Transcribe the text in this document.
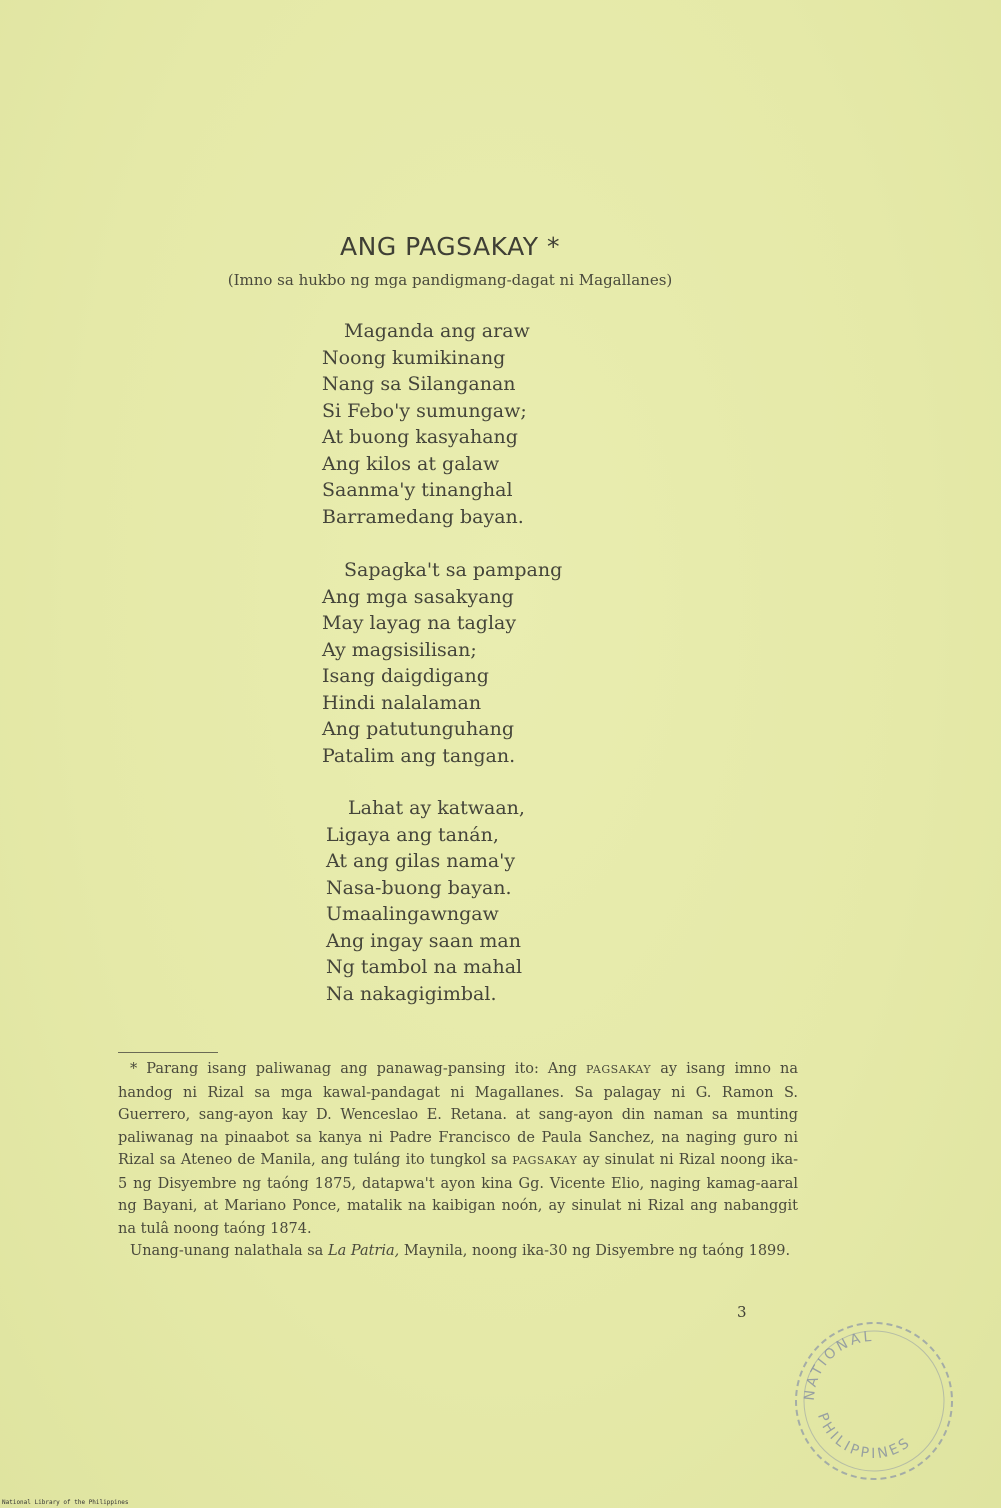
ANG PAGSAKAY *
(Imno sa hukbo ng mga pandigmang-dagat ni Magallanes)
Maganda ang araw
Noong kumikinang
Nang sa Silanganan
Si Febo'y sumungaw;
At buong kasyahang
Ang kilos at galaw
Saanma'y tinanghal
Barramedang bayan.
Sapagka't sa pampang
Ang mga sasakyang
May layag na taglay
Ay magsisilisan;
Isang daigdigang
Hindi nalalaman
Ang patutunguhang
Patalim ang tangan.
Lahat ay katwaan,
Ligaya ang tanán,
At ang gilas nama'y
Nasa-buong bayan.
Umaalingawngaw
Ang ingay saan man
Ng tambol na mahal
Na nakagigimbal.

* Parang isang paliwanag ang panawag-pansing ito: Ang PAGSAKAY ay isang imno na handog ni Rizal sa mga kawal-pandagat ni Magallanes. Sa palagay ni G. Ramon S. Guerrero, sang-ayon kay D. Wenceslao E. Retana. at sang-ayon din naman sa munting paliwanag na pinaabot sa kanya ni Padre Francisco de Paula Sanchez, na naging guro ni Rizal sa Ateneo de Manila, ang tuláng ito tungkol sa PAGSAKAY ay sinulat ni Rizal noong ika-5 ng Disyembre ng taóng 1875, datapwa't ayon kina Gg. Vicente Elio, naging kamag-aaral ng Bayani, at Mariano Ponce, matalik na kaibigan noón, ay sinulat ni Rizal ang nabanggit na tulâ noong taóng 1874.

Unang-unang nalathala sa La Patria, Maynila, noong ika-30 ng Disyembre ng taóng 1899.

3
NATIONAL
PHILIPPINES
National Library of the Philippines
